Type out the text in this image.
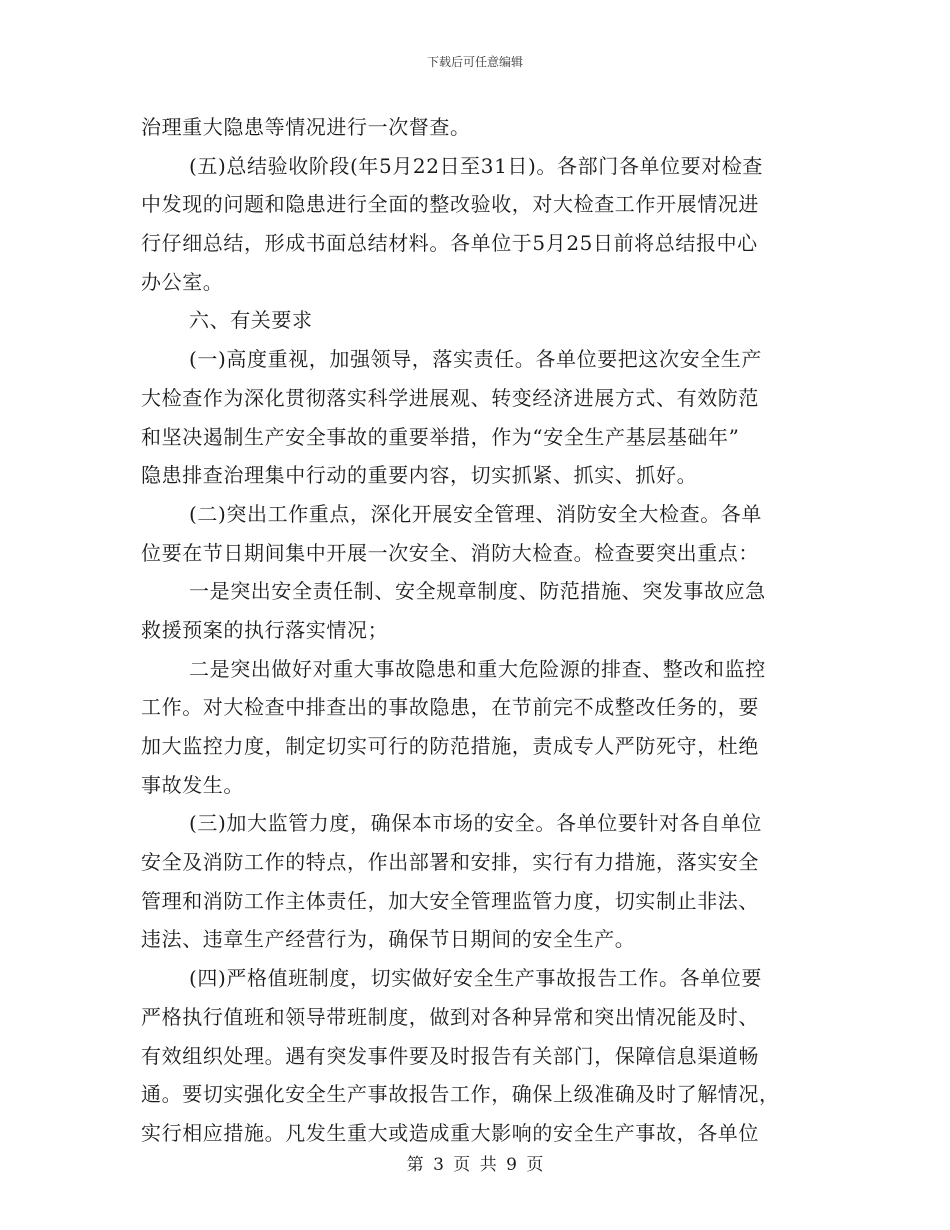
下载后可任意编辑
治理重大隐患等情况进行一次督查。
(五)总结验收阶段(年5月22日至31日)。各部门各单位要对检查
中发现的问题和隐患进行全面的整改验收，对大检查工作开展情况进
行仔细总结，形成书面总结材料。各单位于5月25日前将总结报中心
办公室。
六、有关要求
(一)高度重视，加强领导，落实责任。各单位要把这次安全生产
大检查作为深化贯彻落实科学进展观、转变经济进展方式、有效防范
和坚决遏制生产安全事故的重要举措，作为“安全生产基层基础年”
隐患排查治理集中行动的重要内容，切实抓紧、抓实、抓好。
(二)突出工作重点，深化开展安全管理、消防安全大检查。各单
位要在节日期间集中开展一次安全、消防大检查。检查要突出重点：
一是突出安全责任制、安全规章制度、防范措施、突发事故应急
救援预案的执行落实情况；
二是突出做好对重大事故隐患和重大危险源的排查、整改和监控
工作。对大检查中排查出的事故隐患，在节前完不成整改任务的，要
加大监控力度，制定切实可行的防范措施，责成专人严防死守，杜绝
事故发生。
(三)加大监管力度，确保本市场的安全。各单位要针对各自单位
安全及消防工作的特点，作出部署和安排，实行有力措施，落实安全
管理和消防工作主体责任，加大安全管理监管力度，切实制止非法、
违法、违章生产经营行为，确保节日期间的安全生产。
(四)严格值班制度，切实做好安全生产事故报告工作。各单位要
严格执行值班和领导带班制度，做到对各种异常和突出情况能及时、
有效组织处理。遇有突发事件要及时报告有关部门，保障信息渠道畅
通。要切实强化安全生产事故报告工作，确保上级准确及时了解情况，
实行相应措施。凡发生重大或造成重大影响的安全生产事故，各单位
第 3 页 共 9 页
